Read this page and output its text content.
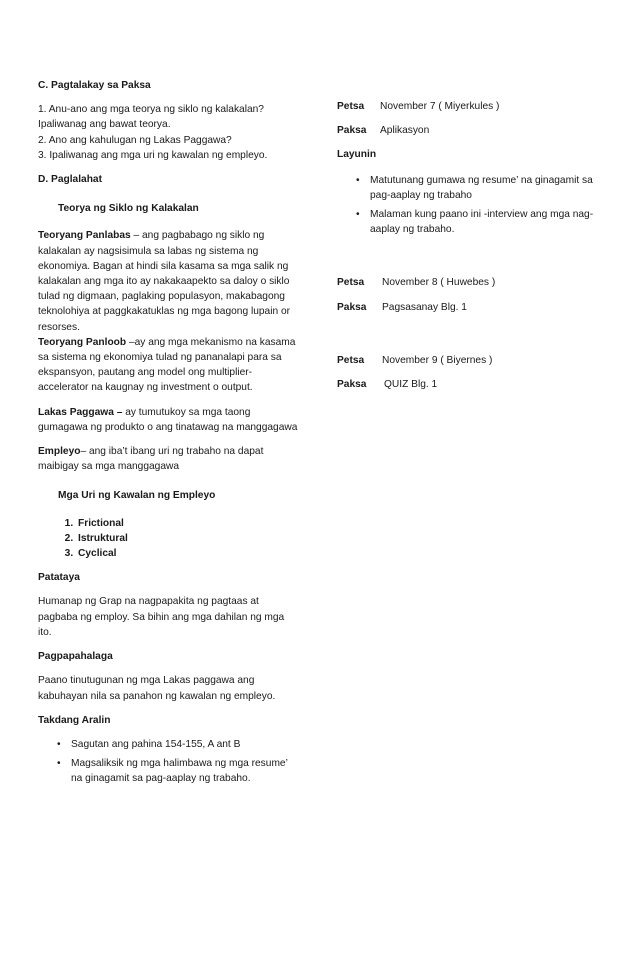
C. Pagtalakay sa Paksa

1. Anu-ano ang mga teorya ng siklo ng kalakalan? Ipaliwanag ang bawat teorya.

2. Ano ang kahulugan ng Lakas Paggawa?

3. Ipaliwanag ang mga uri ng kawalan ng empleyo.

D. Paglalahat

Teorya ng Siklo ng Kalakalan

Teoryang Panlabas – ang pagbabago ng siklo ng kalakalan ay nagsisimula sa labas ng sistema ng ekonomiya. Bagan at hindi sila kasama sa mga salik ng kalakalan ang mga ito ay nakakaapekto sa daloy o siklo tulad ng digmaan, paglaking populasyon, makabagong teknolohiya at paggkakatuklas ng mga bagong lupain or resorses.

Teoryang Panloob –ay ang mga mekanismo na kasama sa sistema ng ekonomiya tulad ng pananalapi para sa ekspansyon, pautang ang model ong multiplier-accelerator na kaugnay ng investment o output.

Lakas Paggawa – ay tumutukoy sa mga taong gumagawa ng produkto o ang tinatawag na manggagawa

Empleyo– ang iba’t ibang uri ng trabaho na dapat maibigay sa mga manggagawa

Mga Uri ng Kawalan ng Empleyo

1. Frictional
2. Istruktural
3. Cyclical

Patataya

Humanap ng Grap na nagpapakita ng pagtaas at pagbaba ng employ. Sa bihin ang mga dahilan ng mga ito.

Pagpapahalaga

Paano tinutugunan ng mga Lakas paggawa ang kabuhayan nila sa panahon ng kawalan ng empleyo.

Takdang Aralin

• Sagutan ang pahina 154-155, A ant B
• Magsaliksik ng mga halimbawa ng mga resume’ na ginagamit sa pag-aaplay ng trabaho.
Petsa	November 7 ( Miyerkules )
Paksa	Aplikasyon

Layunin

• Matutunang gumawa ng resume’ na ginagamit sa pag-aaplay ng trabaho
• Malaman kung paano ini -interview ang mga nag-aaplay ng trabaho.
Petsa	November 8 ( Huwebes )
Paksa	Pagsasanay Blg. 1
Petsa	November 9 ( Biyernes )
Paksa	QUIZ Blg. 1
